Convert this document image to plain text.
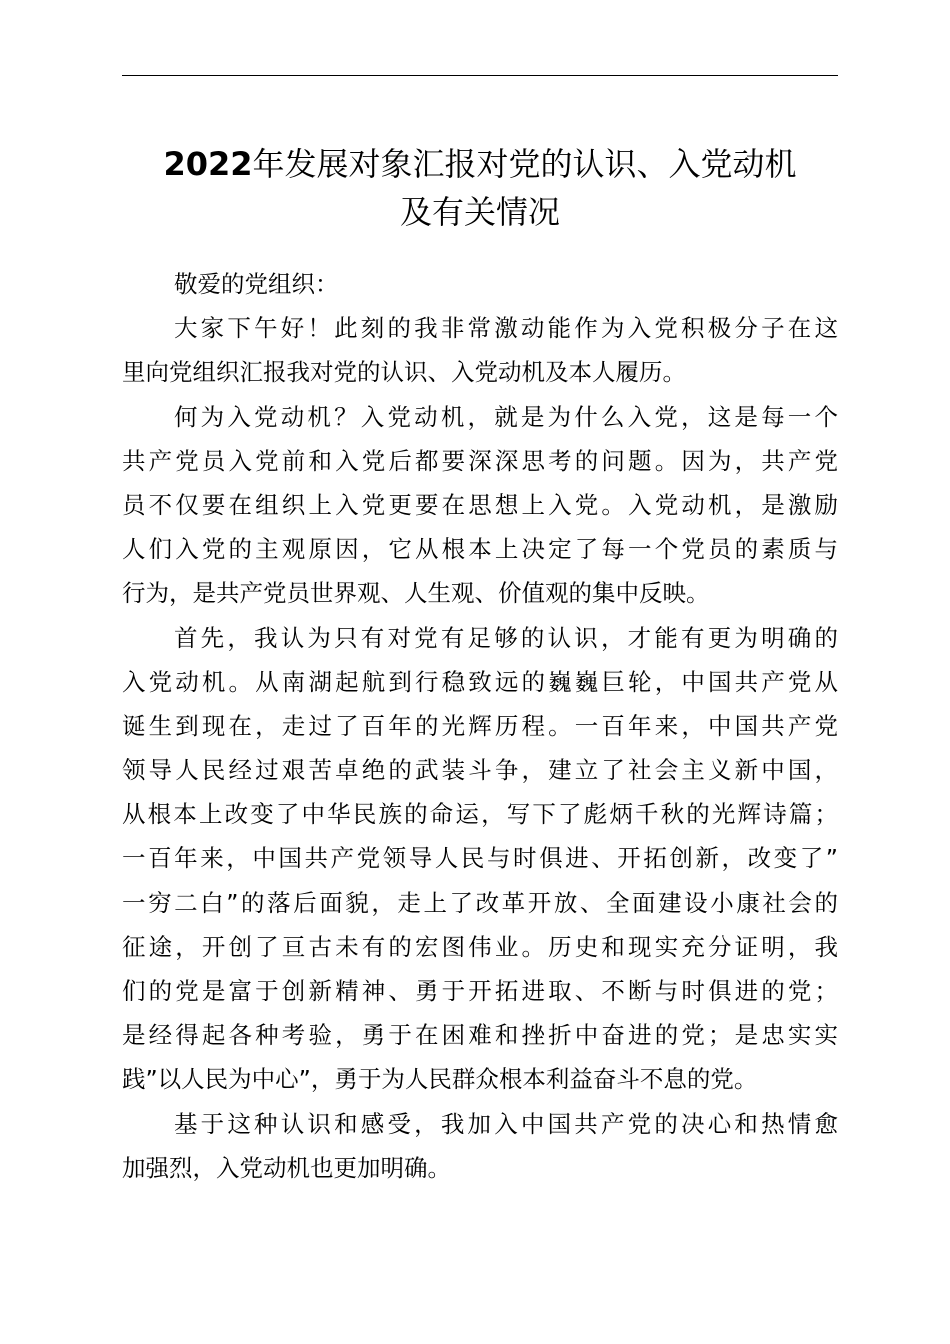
2022年发展对象汇报对党的认识、入党动机
及有关情况
敬爱的党组织：
大家下午好！此刻的我非常激动能作为入党积极分子在这
里向党组织汇报我对党的认识、入党动机及本人履历。
何为入党动机？入党动机，就是为什么入党，这是每一个
共产党员入党前和入党后都要深深思考的问题。因为，共产党
员不仅要在组织上入党更要在思想上入党。入党动机，是激励
人们入党的主观原因，它从根本上决定了每一个党员的素质与
行为，是共产党员世界观、人生观、价值观的集中反映。
首先，我认为只有对党有足够的认识，才能有更为明确的
入党动机。从南湖起航到行稳致远的巍巍巨轮，中国共产党从
诞生到现在，走过了百年的光辉历程。一百年来，中国共产党
领导人民经过艰苦卓绝的武装斗争，建立了社会主义新中国，
从根本上改变了中华民族的命运，写下了彪炳千秋的光辉诗篇；
一百年来，中国共产党领导人民与时俱进、开拓创新，改变了”
一穷二白”的落后面貌，走上了改革开放、全面建设小康社会的
征途，开创了亘古未有的宏图伟业。历史和现实充分证明，我
们的党是富于创新精神、勇于开拓进取、不断与时俱进的党；
是经得起各种考验，勇于在困难和挫折中奋进的党；是忠实实
践”以人民为中心”，勇于为人民群众根本利益奋斗不息的党。
基于这种认识和感受，我加入中国共产党的决心和热情愈
加强烈，入党动机也更加明确。
